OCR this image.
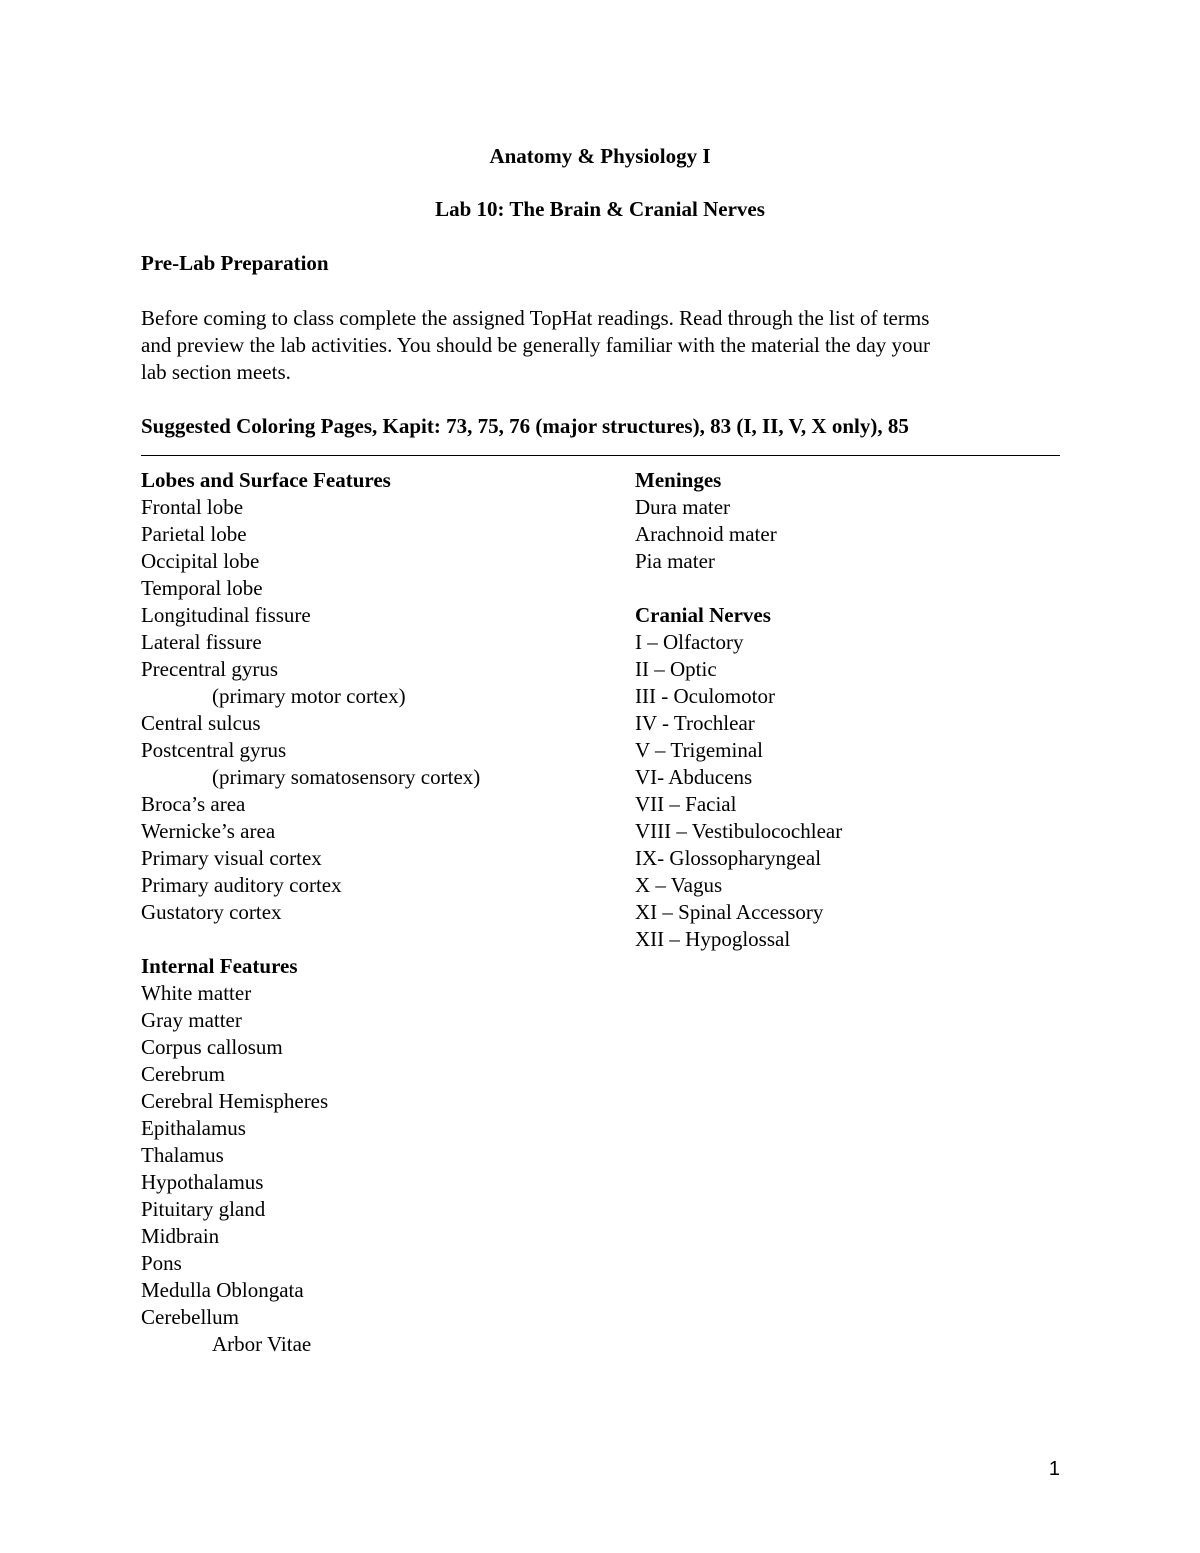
Anatomy & Physiology I
Lab 10: The Brain & Cranial Nerves
Pre-Lab Preparation
Before coming to class complete the assigned TopHat readings. Read through the list of terms
and preview the lab activities. You should be generally familiar with the material the day your
lab section meets.
Suggested Coloring Pages, Kapit: 73, 75, 76 (major structures), 83 (I, II, V, X only), 85
Lobes and Surface Features
Frontal lobe
Parietal lobe
Occipital lobe
Temporal lobe
Longitudinal fissure
Lateral fissure
Precentral gyrus
(primary motor cortex)
Central sulcus
Postcentral gyrus
(primary somatosensory cortex)
Broca’s area
Wernicke’s area
Primary visual cortex
Primary auditory cortex
Gustatory cortex
Internal Features
White matter
Gray matter
Corpus callosum
Cerebrum
Cerebral Hemispheres
Epithalamus
Thalamus
Hypothalamus
Pituitary gland
Midbrain
Pons
Medulla Oblongata
Cerebellum
Arbor Vitae
Meninges
Dura mater
Arachnoid mater
Pia mater
Cranial Nerves
I – Olfactory
II – Optic
III - Oculomotor
IV - Trochlear
V – Trigeminal
VI- Abducens
VII – Facial
VIII – Vestibulocochlear
IX- Glossopharyngeal
X – Vagus
XI – Spinal Accessory
XII – Hypoglossal
1
